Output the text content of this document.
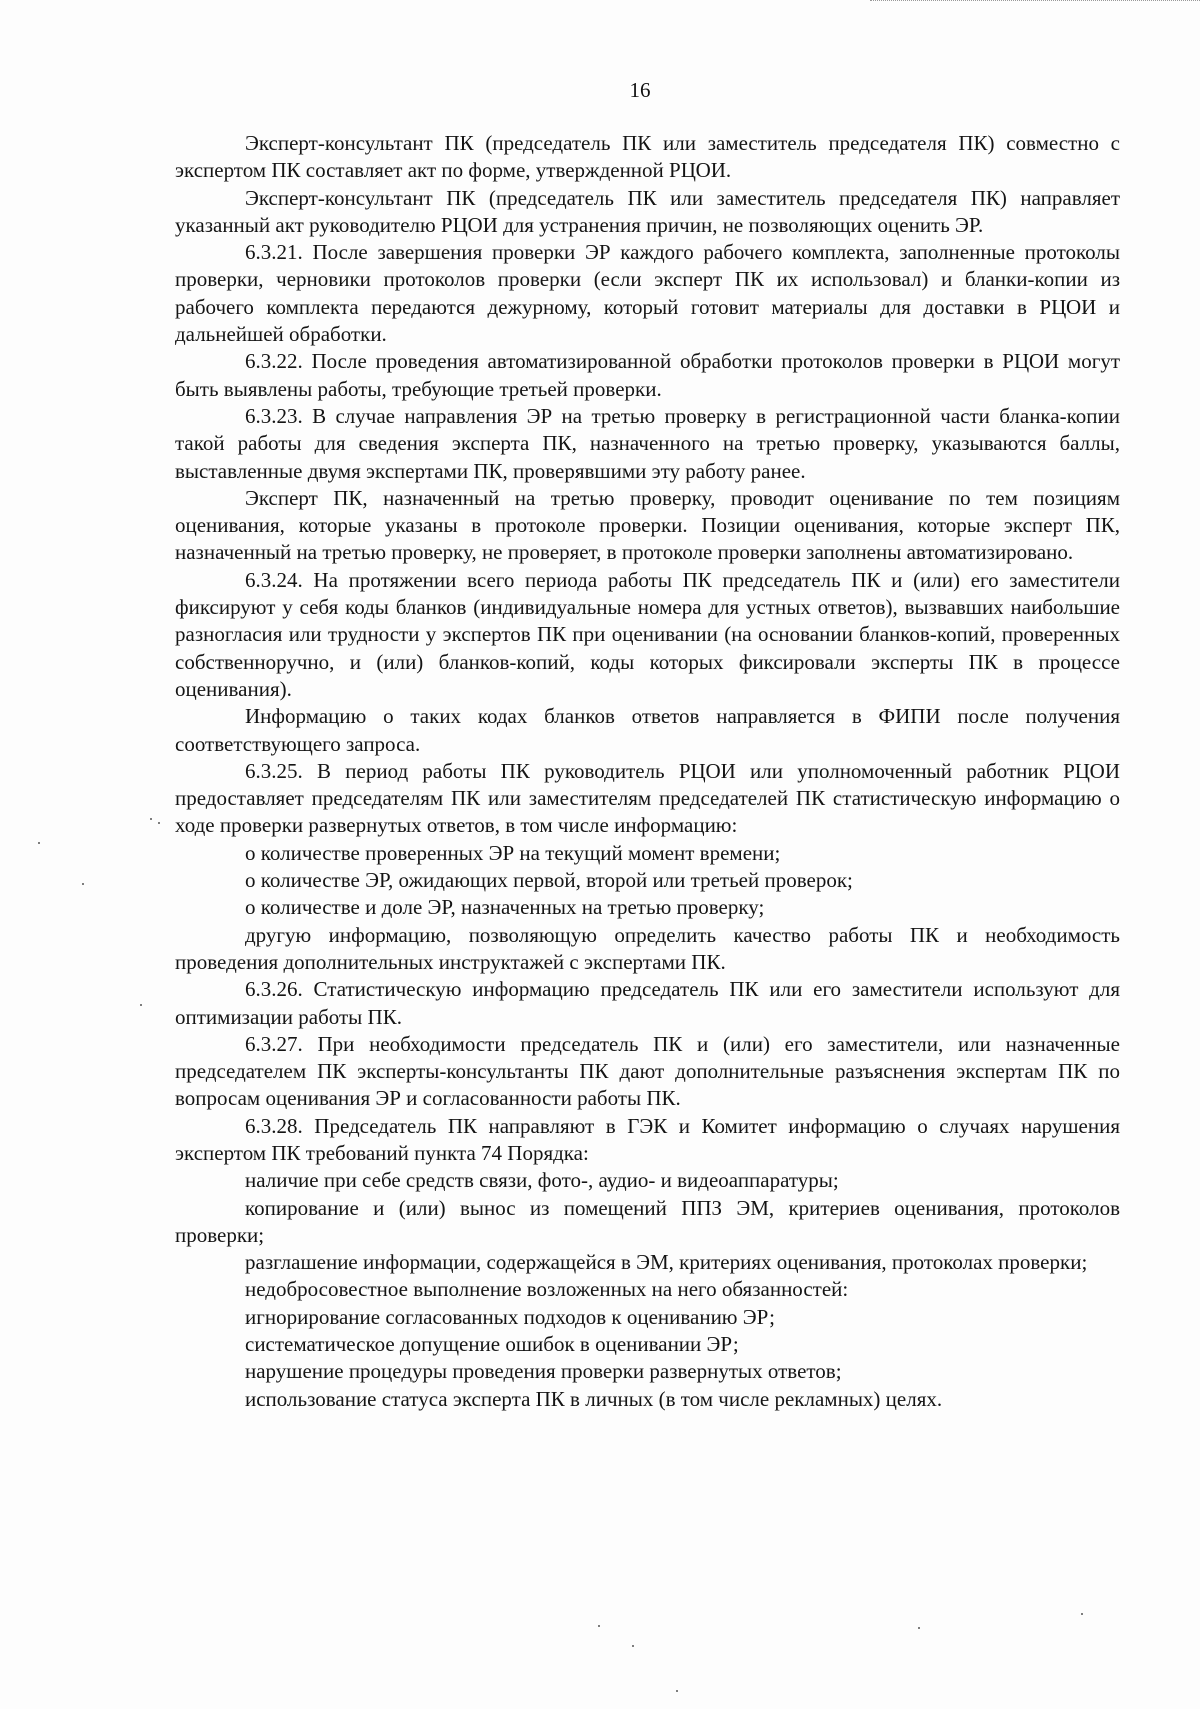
16

Эксперт-консультант ПК (председатель ПК или заместитель председателя ПК) совместно с экспертом ПК составляет акт по форме, утвержденной РЦОИ.

Эксперт-консультант ПК (председатель ПК или заместитель председателя ПК) направляет указанный акт руководителю РЦОИ для устранения причин, не позволяющих оценить ЭР.

6.3.21. После завершения проверки ЭР каждого рабочего комплекта, заполненные протоколы проверки, черновики протоколов проверки (если эксперт ПК их использовал) и бланки-копии из рабочего комплекта передаются дежурному, который готовит материалы для доставки в РЦОИ и дальнейшей обработки.

6.3.22. После проведения автоматизированной обработки протоколов проверки в РЦОИ могут быть выявлены работы, требующие третьей проверки.

6.3.23. В случае направления ЭР на третью проверку в регистрационной части бланка-копии такой работы для сведения эксперта ПК, назначенного на третью проверку, указываются баллы, выставленные двумя экспертами ПК, проверявшими эту работу ранее.

Эксперт ПК, назначенный на третью проверку, проводит оценивание по тем позициям оценивания, которые указаны в протоколе проверки. Позиции оценивания, которые эксперт ПК, назначенный на третью проверку, не проверяет, в протоколе проверки заполнены автоматизировано.

6.3.24. На протяжении всего периода работы ПК председатель ПК и (или) его заместители фиксируют у себя коды бланков (индивидуальные номера для устных ответов), вызвавших наибольшие разногласия или трудности у экспертов ПК при оценивании (на основании бланков-копий, проверенных собственноручно, и (или) бланков-копий, коды которых фиксировали эксперты ПК в процессе оценивания).

Информацию о таких кодах бланков ответов направляется в ФИПИ после получения соответствующего запроса.

6.3.25. В период работы ПК руководитель РЦОИ или уполномоченный работник РЦОИ предоставляет председателям ПК или заместителям председателей ПК статистическую информацию о ходе проверки развернутых ответов, в том числе информацию:

о количестве проверенных ЭР на текущий момент времени;

о количестве ЭР, ожидающих первой, второй или третьей проверок;

о количестве и доле ЭР, назначенных на третью проверку;

другую информацию, позволяющую определить качество работы ПК и необходимость проведения дополнительных инструктажей с экспертами ПК.

6.3.26. Статистическую информацию председатель ПК или его заместители используют для оптимизации работы ПК.

6.3.27. При необходимости председатель ПК и (или) его заместители, или назначенные председателем ПК эксперты-консультанты ПК дают дополнительные разъяснения экспертам ПК по вопросам оценивания ЭР и согласованности работы ПК.

6.3.28. Председатель ПК направляют в ГЭК и Комитет информацию о случаях нарушения экспертом ПК требований пункта 74 Порядка:

наличие при себе средств связи, фото-, аудио- и видеоаппаратуры;

копирование и (или) вынос из помещений ППЗ ЭМ, критериев оценивания, протоколов проверки;

разглашение информации, содержащейся в ЭМ, критериях оценивания, протоколах проверки;

недобросовестное выполнение возложенных на него обязанностей:

игнорирование согласованных подходов к оцениванию ЭР;

систематическое допущение ошибок в оценивании ЭР;

нарушение процедуры проведения проверки развернутых ответов;

использование статуса эксперта ПК в личных (в том числе рекламных) целях.
